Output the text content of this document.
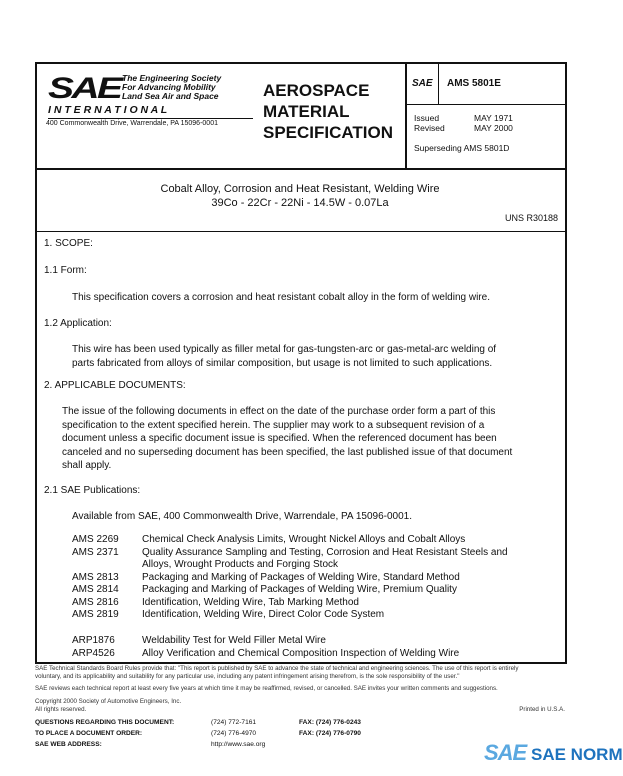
SAE The Engineering Society
For Advancing Mobility
Land Sea Air and Space
I N T E R N A T I O N A L
400 Commonwealth Drive, Warrendale, PA 15096-0001
AEROSPACE
MATERIAL
SPECIFICATION
SAE AMS 5801E
Issued	MAY 1971
Revised	MAY 2000
Superseding AMS 5801D
Cobalt Alloy, Corrosion and Heat Resistant, Welding Wire
39Co - 22Cr - 22Ni - 14.5W - 0.07La
UNS R30188
1. SCOPE:
1.1 Form:
This specification covers a corrosion and heat resistant cobalt alloy in the form of welding wire.
1.2 Application:
This wire has been used typically as filler metal for gas-tungsten-arc or gas-metal-arc welding of
parts fabricated from alloys of similar composition, but usage is not limited to such applications.
2. APPLICABLE DOCUMENTS:
The issue of the following documents in effect on the date of the purchase order form a part of this
specification to the extent specified herein. The supplier may work to a subsequent revision of a
document unless a specific document issue is specified. When the referenced document has been
canceled and no superseding document has been specified, the last published issue of that document
shall apply.
2.1 SAE Publications:
Available from SAE, 400 Commonwealth Drive, Warrendale, PA 15096-0001.
AMS 2269 Chemical Check Analysis Limits, Wrought Nickel Alloys and Cobalt Alloys
AMS 2371 Quality Assurance Sampling and Testing, Corrosion and Heat Resistant Steels and
Alloys, Wrought Products and Forging Stock
AMS 2813 Packaging and Marking of Packages of Welding Wire, Standard Method
AMS 2814 Packaging and Marking of Packages of Welding Wire, Premium Quality
AMS 2816 Identification, Welding Wire, Tab Marking Method
AMS 2819 Identification, Welding Wire, Direct Color Code System
ARP1876	Weldability Test for Weld Filler Metal Wire
ARP4526	Alloy Verification and Chemical Composition Inspection of Welding Wire
SAE Technical Standards Board Rules provide that: "This report is published by SAE to advance the state of technical and engineering sciences. The use of this report is entirely
voluntary, and its applicability and suitability for any particular use, including any patent infringement arising therefrom, is the sole responsibility of the user."
SAE reviews each technical report at least every five years at which time it may be reaffirmed, revised, or cancelled. SAE invites your written comments and suggestions.
Copyright 2000 Society of Automotive Engineers, Inc.
All rights reserved.	Printed in U.S.A.
QUESTIONS REGARDING THIS DOCUMENT:	(724) 772-7161	FAX: (724) 776-0243
TO PLACE A DOCUMENT ORDER:	(724) 776-4970	FAX: (724) 776-0790
SAE WEB ADDRESS:	http://www.sae.org	SAE SAE NORM
